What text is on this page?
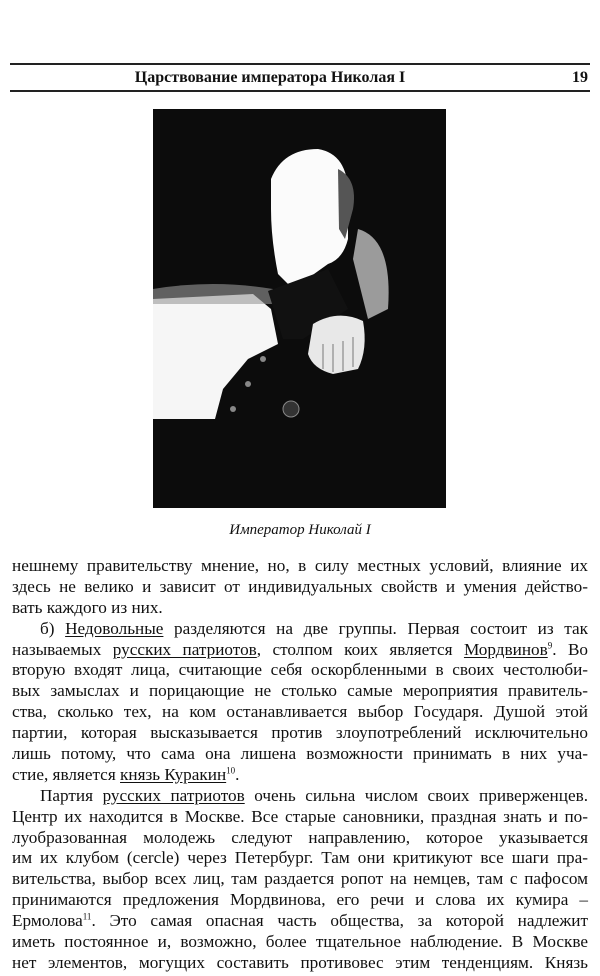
Царствование императора Николая I	19
Император Николай I
нешнему правительству мнение, но, в силу местных условий, влияние их
здесь не велико и зависит от индивидуальных свойств и умения действо-
вать каждого из них.
б) Недовольные разделяются на две группы. Первая состоит из так
называемых русских патриотов, столпом коих является Мордвинов$^9$. Во
вторую входят лица, считающие себя оскорбленными в своих честолюби-
вых замыслах и порицающие не столько самые мероприятия правитель-
ства, сколько тех, на ком останавливается выбор Государя. Душой этой
партии, которая высказывается против злоупотреблений исключительно
лишь потому, что сама она лишена возможности принимать в них уча-
стие, является князь Куракин$^{10}$.
Партия русских патриотов очень сильна числом своих приверженцев.
Центр их находится в Москве. Все старые сановники, праздная знать и по-
луобразованная молодежь следуют направлению, которое указывается
им их клубом (cercle) через Петербург. Там они критикуют все шаги пра-
вительства, выбор всех лиц, там раздается ропот на немцев, там с пафосом
принимаются предложения Мордвинова, его речи и слова их кумира –
Ермолова$^{11}$. Это самая опасная часть общества, за которой надлежит
иметь постоянное и, возможно, более тщательное наблюдение. В Москве
нет элементов, могущих составить противовес этим тенденциям. Князь
